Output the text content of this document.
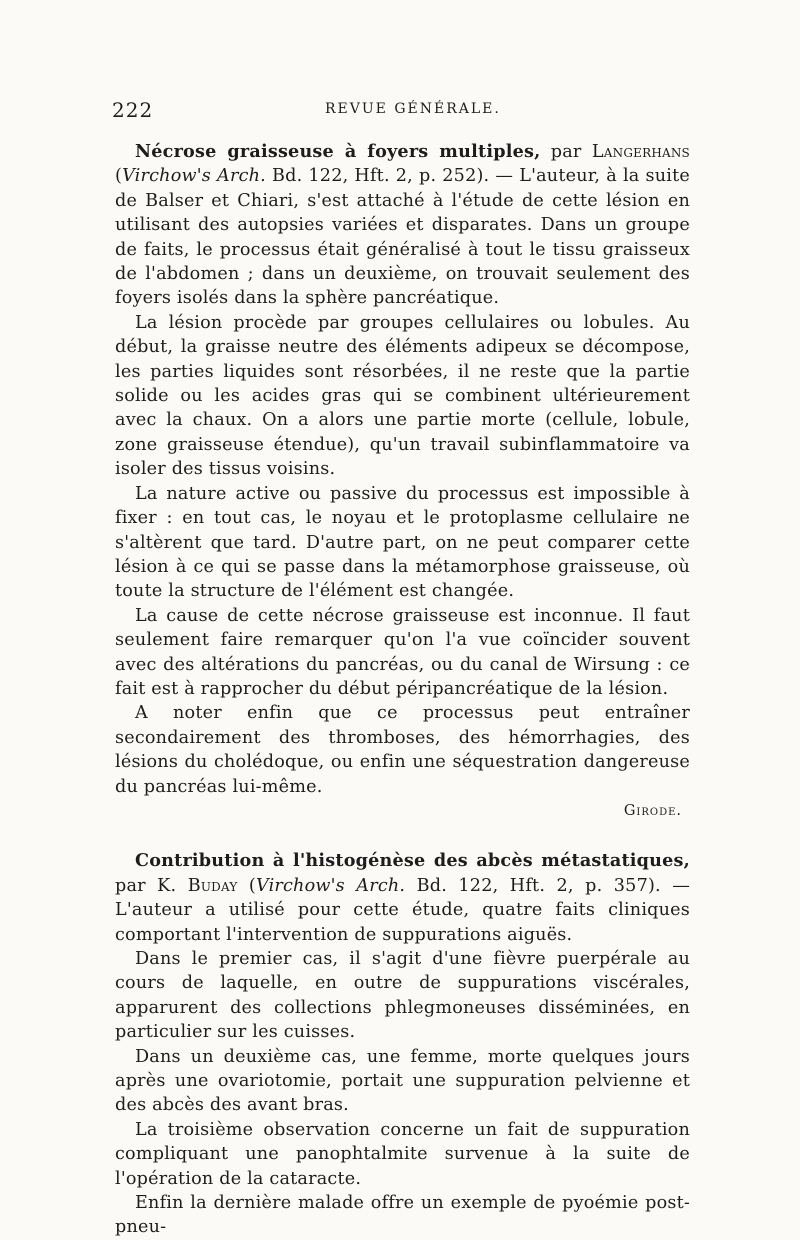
222	REVUE GÉNÉRALE.

Nécrose graisseuse à foyers multiples, par Langerhans (Virchow's Arch. Bd. 122, Hft. 2, p. 252). — L'auteur, à la suite de Balser et Chiari, s'est attaché à l'étude de cette lésion en utilisant des autopsies variées et disparates. Dans un groupe de faits, le processus était généralisé à tout le tissu graisseux de l'abdomen ; dans un deuxième, on trouvait seulement des foyers isolés dans la sphère pancréatique.

La lésion procède par groupes cellulaires ou lobules. Au début, la graisse neutre des éléments adipeux se décompose, les parties liquides sont résorbées, il ne reste que la partie solide ou les acides gras qui se combinent ultérieurement avec la chaux. On a alors une partie morte (cellule, lobule, zone graisseuse étendue), qu'un travail subinflammatoire va isoler des tissus voisins.

La nature active ou passive du processus est impossible à fixer : en tout cas, le noyau et le protoplasme cellulaire ne s'altèrent que tard. D'autre part, on ne peut comparer cette lésion à ce qui se passe dans la métamorphose graisseuse, où toute la structure de l'élément est changée.

La cause de cette nécrose graisseuse est inconnue. Il faut seulement faire remarquer qu'on l'a vue coïncider souvent avec des altérations du pancréas, ou du canal de Wirsung : ce fait est à rapprocher du début péripancréatique de la lésion.

A noter enfin que ce processus peut entraîner secondairement des thromboses, des hémorrhagies, des lésions du cholédoque, ou enfin une séquestration dangereuse du pancréas lui-même.

Girode.

Contribution à l'histogénèse des abcès métastatiques, par K. Buday (Virchow's Arch. Bd. 122, Hft. 2, p. 357). — L'auteur a utilisé pour cette étude, quatre faits cliniques comportant l'intervention de suppurations aiguës.

Dans le premier cas, il s'agit d'une fièvre puerpérale au cours de laquelle, en outre de suppurations viscérales, apparurent des collections phlegmoneuses disséminées, en particulier sur les cuisses.

Dans un deuxième cas, une femme, morte quelques jours après une ovariotomie, portait une suppuration pelvienne et des abcès des avant bras.

La troisième observation concerne un fait de suppuration compliquant une panophtalmite survenue à la suite de l'opération de la cataracte.

Enfin la dernière malade offre un exemple de pyoémie post-pneu-
